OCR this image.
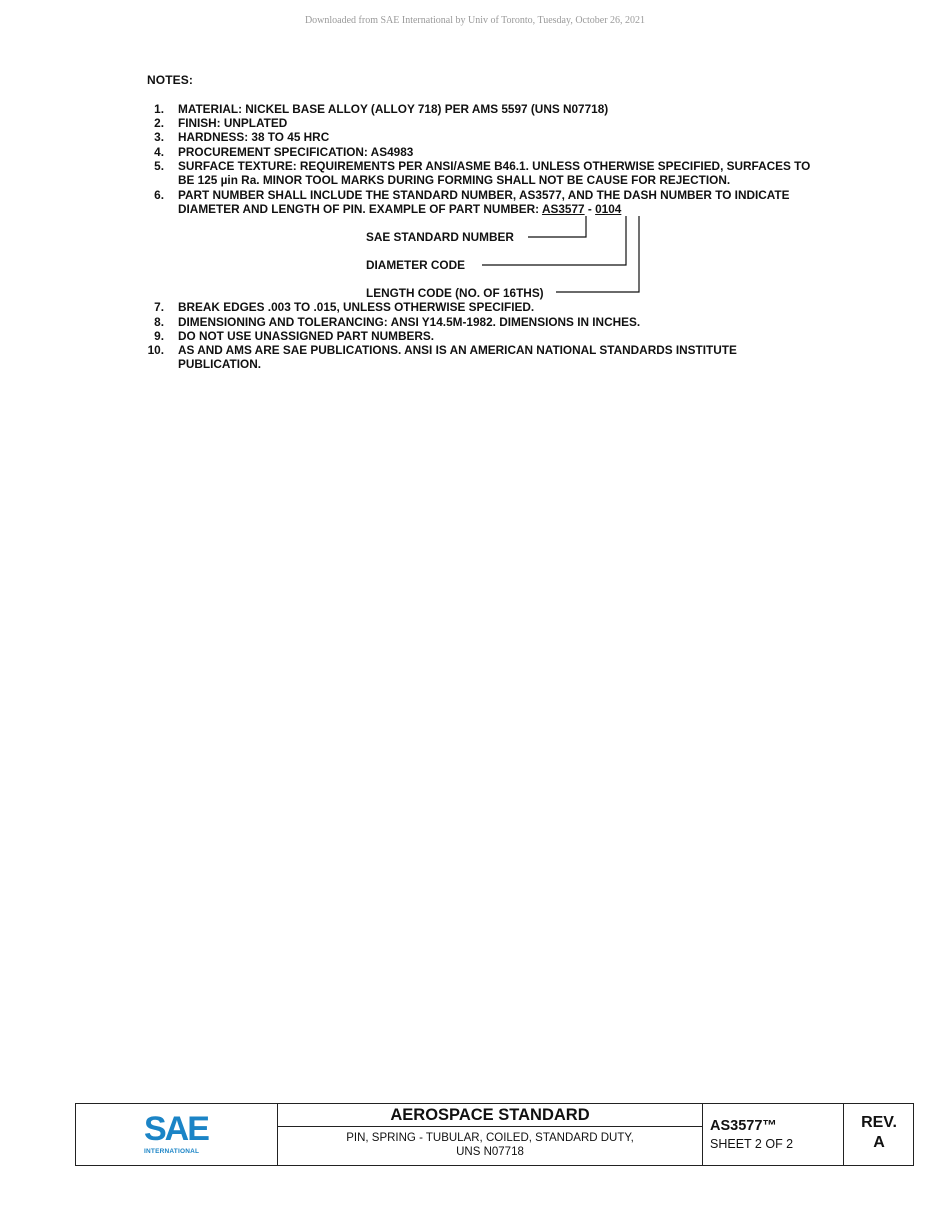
Downloaded from SAE International by Univ of Toronto, Tuesday, October 26, 2021
NOTES:
1. MATERIAL: NICKEL BASE ALLOY (ALLOY 718) PER AMS 5597 (UNS N07718)
2. FINISH: UNPLATED
3. HARDNESS: 38 TO 45 HRC
4. PROCUREMENT SPECIFICATION: AS4983
5. SURFACE TEXTURE: REQUIREMENTS PER ANSI/ASME B46.1. UNLESS OTHERWISE SPECIFIED, SURFACES TO
BE 125 µin Ra. MINOR TOOL MARKS DURING FORMING SHALL NOT BE CAUSE FOR REJECTION.
6. PART NUMBER SHALL INCLUDE THE STANDARD NUMBER, AS3577, AND THE DASH NUMBER TO INDICATE
DIAMETER AND LENGTH OF PIN. EXAMPLE OF PART NUMBER: AS3577 - 0104
SAE STANDARD NUMBER
DIAMETER CODE
LENGTH CODE (NO. OF 16THS)
7. BREAK EDGES .003 TO .015, UNLESS OTHERWISE SPECIFIED.
8. DIMENSIONING AND TOLERANCING: ANSI Y14.5M-1982. DIMENSIONS IN INCHES.
9. DO NOT USE UNASSIGNED PART NUMBERS.
10. AS AND AMS ARE SAE PUBLICATIONS. ANSI IS AN AMERICAN NATIONAL STANDARDS INSTITUTE
PUBLICATION.
SAE
INTERNATIONAL
AEROSPACE STANDARD
PIN, SPRING - TUBULAR, COILED, STANDARD DUTY,
UNS N07718
AS3577™
SHEET 2 OF 2
REV.
A
